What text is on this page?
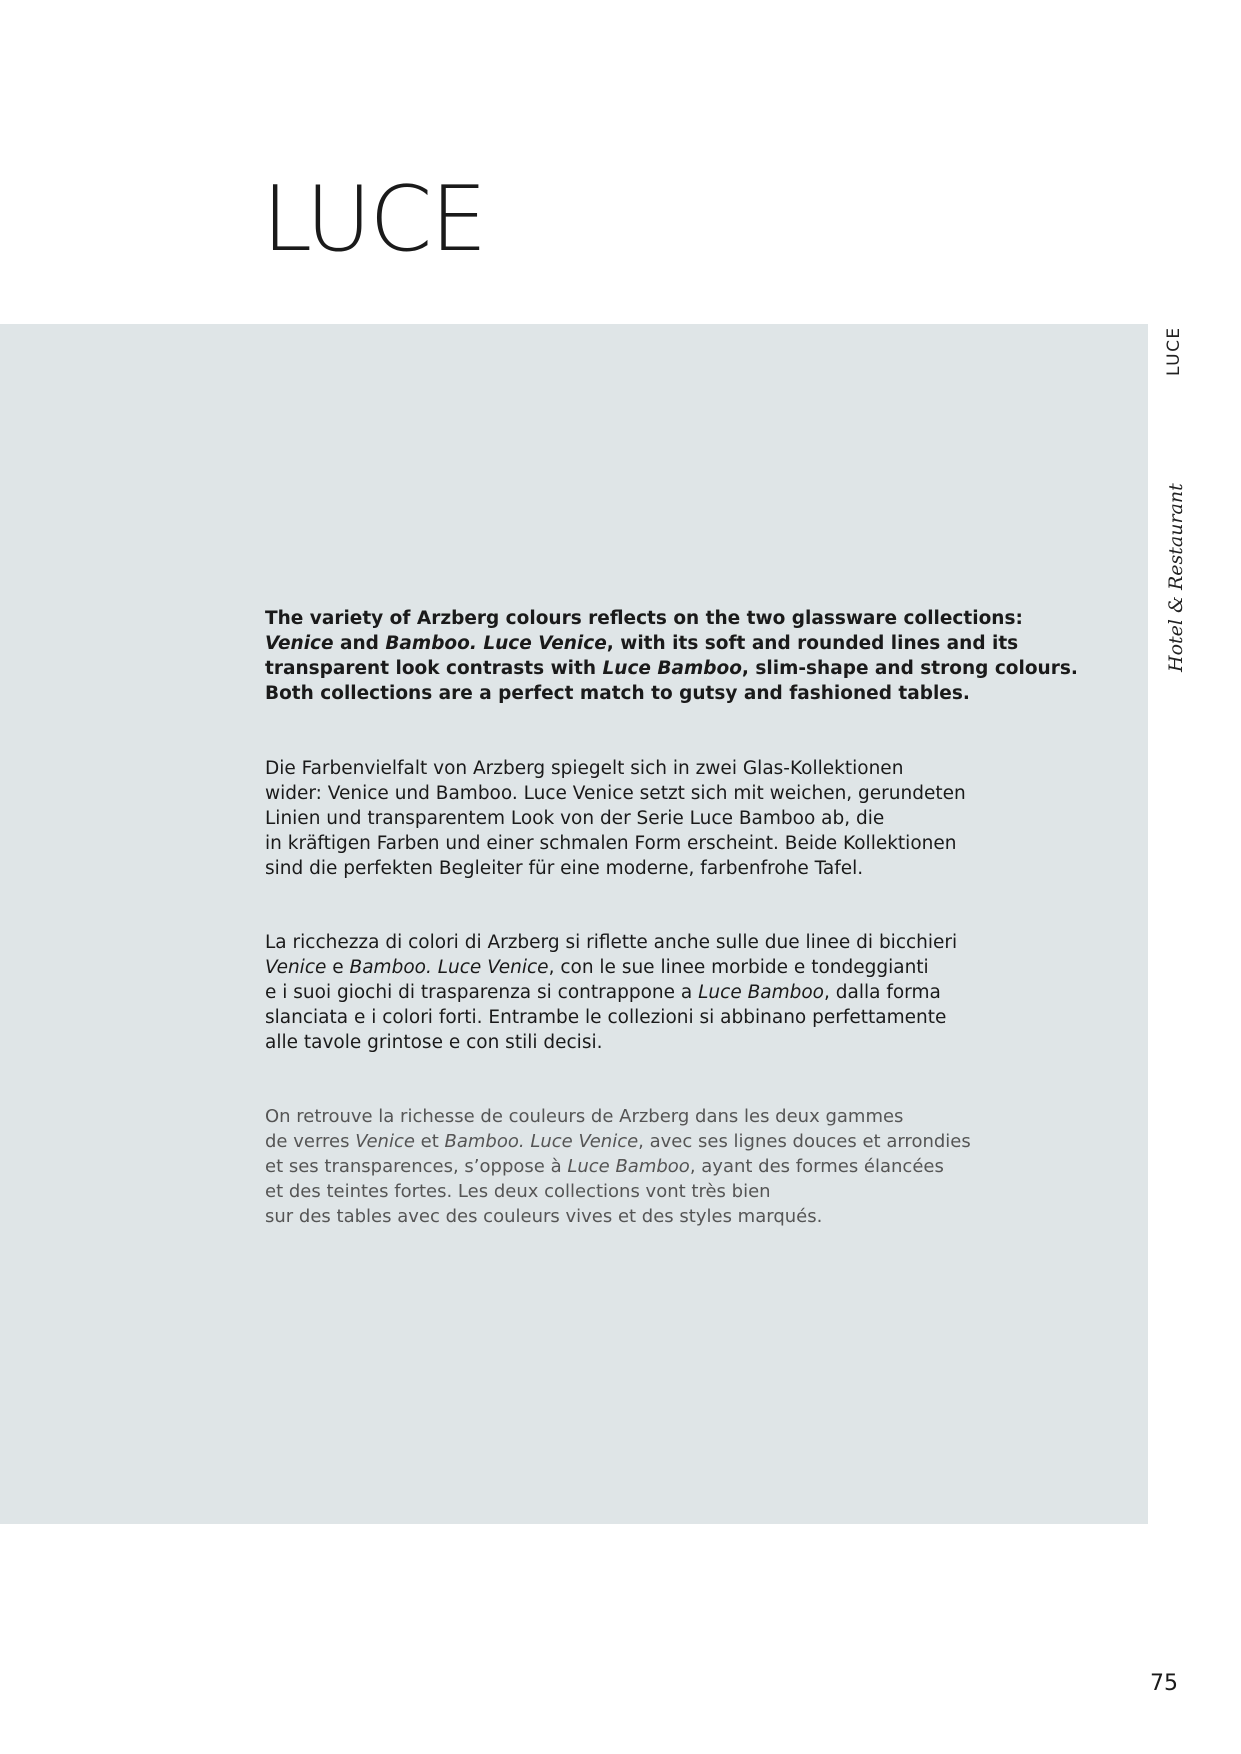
LUCE
LUCE
Hotel & Restaurant
The variety of Arzberg colours reflects on the two glassware collections:
Venice and Bamboo. Luce Venice, with its soft and rounded lines and its
transparent look contrasts with Luce Bamboo, slim-shape and strong colours.
Both collections are a perfect match to gutsy and fashioned tables.
Die Farbenvielfalt von Arzberg spiegelt sich in zwei Glas-Kollektionen
wider: Venice und Bamboo. Luce Venice setzt sich mit weichen, gerundeten
Linien und transparentem Look von der Serie Luce Bamboo ab, die
in kräftigen Farben und einer schmalen Form erscheint. Beide Kollektionen
sind die perfekten Begleiter für eine moderne, farbenfrohe Tafel.
La ricchezza di colori di Arzberg si riflette anche sulle due linee di bicchieri
Venice e Bamboo. Luce Venice, con le sue linee morbide e tondeggianti
e i suoi giochi di trasparenza si contrappone a Luce Bamboo, dalla forma
slanciata e i colori forti. Entrambe le collezioni si abbinano perfettamente
alle tavole grintose e con stili decisi.
On retrouve la richesse de couleurs de Arzberg dans les deux gammes
de verres Venice et Bamboo. Luce Venice, avec ses lignes douces et arrondies
et ses transparences, s’oppose à Luce Bamboo, ayant des formes élancées
et des teintes fortes. Les deux collections vont très bien
sur des tables avec des couleurs vives et des styles marqués.
75
